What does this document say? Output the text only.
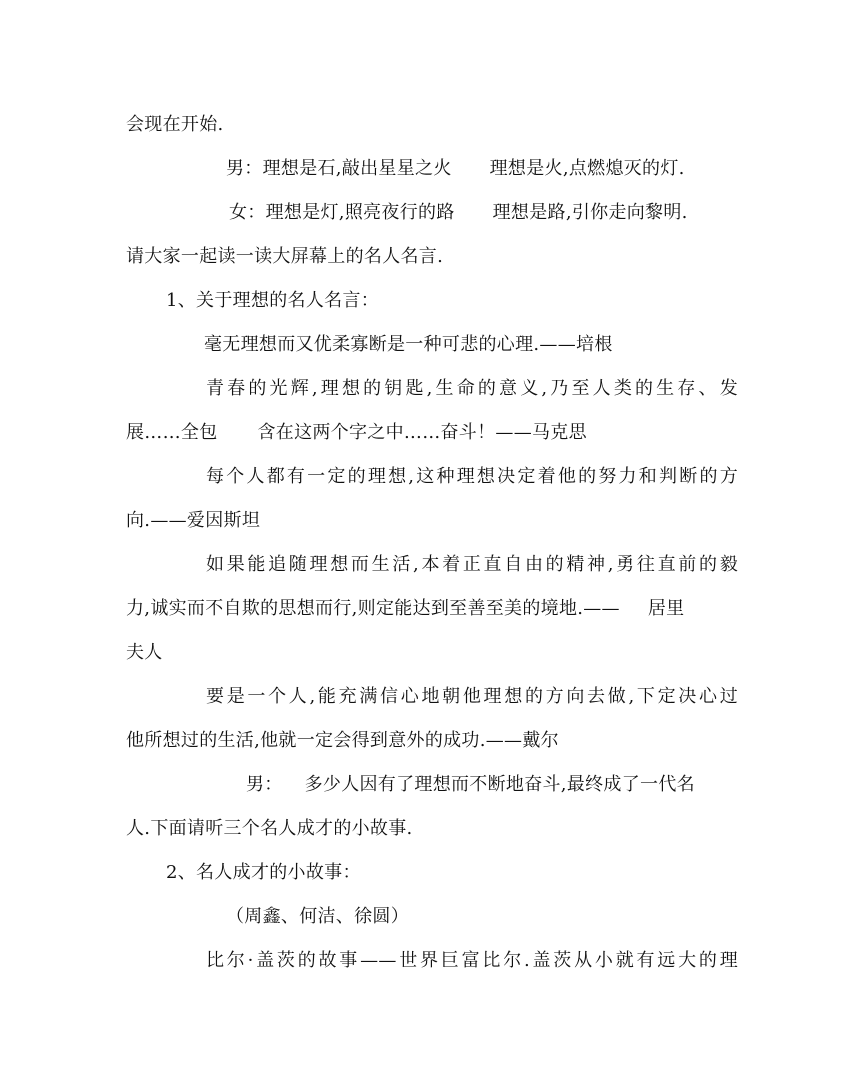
会现在开始.
男：理想是石,敲出星星之火 理想是火,点燃熄灭的灯.
女：理想是灯,照亮夜行的路 理想是路,引你走向黎明.
请大家一起读一读大屏幕上的名人名言.
1、关于理想的名人名言：
毫无理想而又优柔寡断是一种可悲的心理.——培根
青春的光辉,理想的钥匙,生命的意义,乃至人类的生存、发
展……全包 含在这两个字之中……奋斗！——马克思
每个人都有一定的理想,这种理想决定着他的努力和判断的方
向.——爱因斯坦
如果能追随理想而生活,本着正直自由的精神,勇往直前的毅
力,诚实而不自欺的思想而行,则定能达到至善至美的境地.—— 居里
夫人
要是一个人,能充满信心地朝他理想的方向去做,下定决心过
他所想过的生活,他就一定会得到意外的成功.——戴尔
男： 多少人因有了理想而不断地奋斗,最终成了一代名
人.下面请听三个名人成才的小故事.
2、名人成才的小故事：
（周鑫、何洁、徐圆）
比尔·盖茨的故事——世界巨富比尔.盖茨从小就有远大的理
